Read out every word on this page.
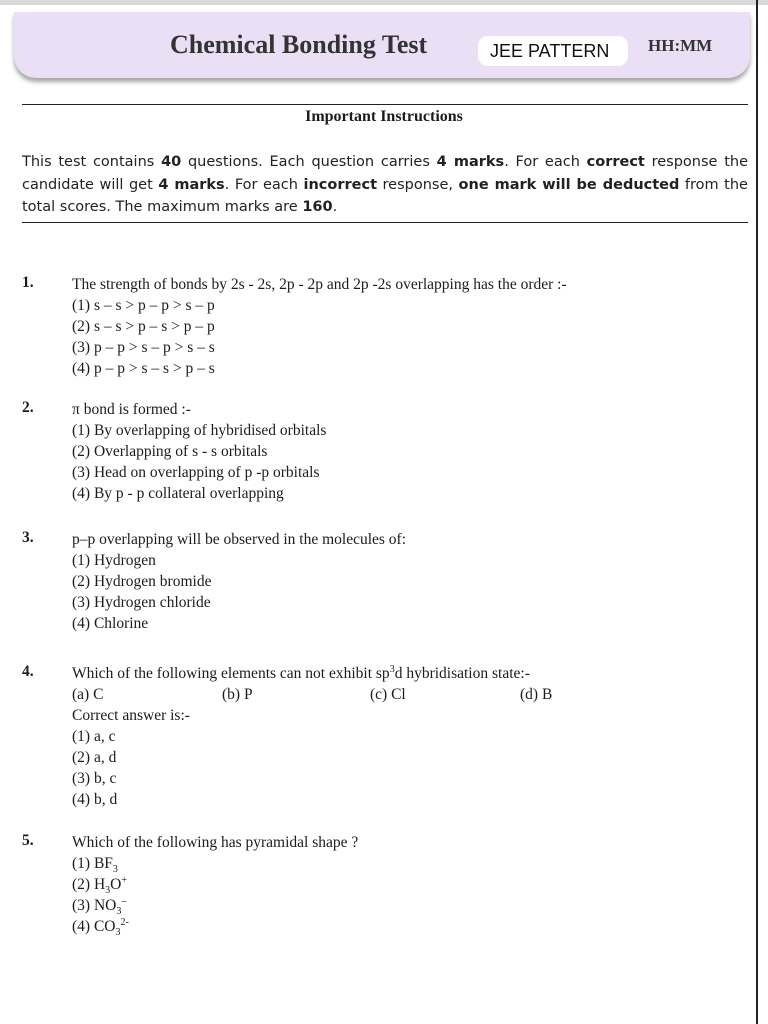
Chemical Bonding Test	JEE PATTERN	HH:MM
Important Instructions
This test contains 40 questions. Each question carries 4 marks. For each correct response the candidate will get 4 marks. For each incorrect response, one mark will be deducted from the total scores. The maximum marks are 160.
1. The strength of bonds by 2s - 2s, 2p - 2p and 2p -2s overlapping has the order :-
(1) s – s > p – p > s – p
(2) s – s > p – s > p – p
(3) p – p > s – p > s – s
(4) p – p > s – s > p – s
2. π bond is formed :-
(1) By overlapping of hybridised orbitals
(2) Overlapping of s - s orbitals
(3) Head on overlapping of p -p orbitals
(4) By p - p collateral overlapping
3. p–p overlapping will be observed in the molecules of:
(1) Hydrogen
(2) Hydrogen bromide
(3) Hydrogen chloride
(4) Chlorine
4. Which of the following elements can not exhibit $sp^3d$ hybridisation state:-
(a) C	(b) P	(c) Cl	(d) B
Correct answer is:-
(1) a, c
(2) a, d
(3) b, c
(4) b, d
5. Which of the following has pyramidal shape ?
(1) $BF_3$
(2) $H_3O^+$
(3) $NO_3^-$
(4) $CO_3^{2-}$
